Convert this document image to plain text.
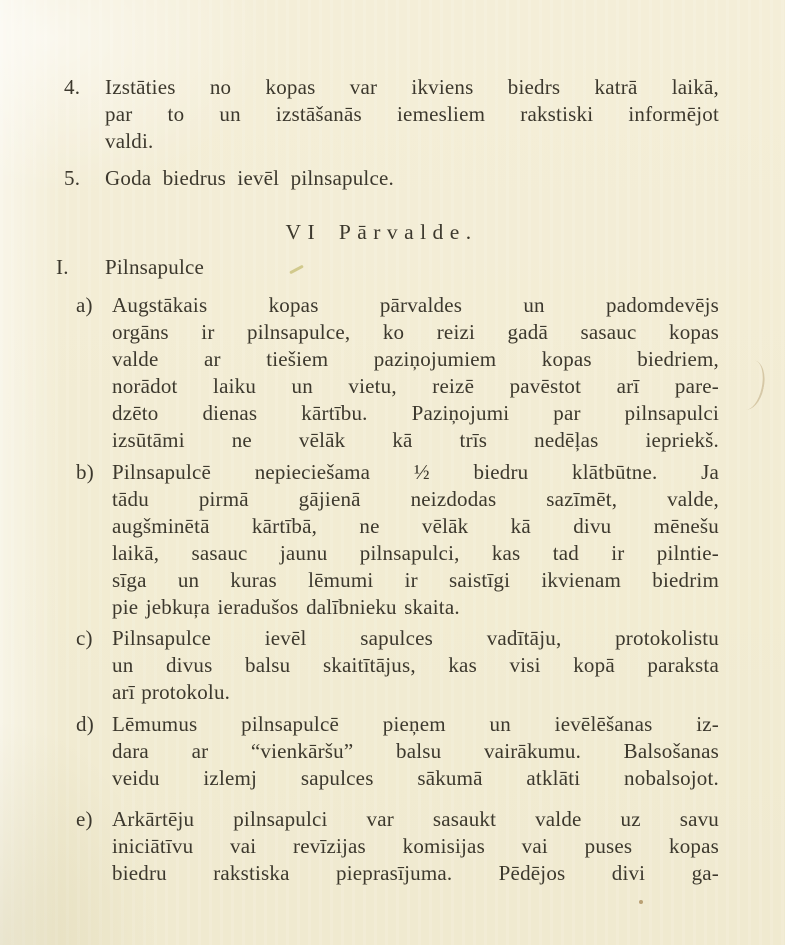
4.	Izstāties no kopas var ikviens biedrs katrā laikā,
par to un izstāšanās iemesliem rakstiski informējot
valdi.
5.	Goda biedrus ievēl pilnsapulce.
VI Pārvalde.
I.	Pilnsapulce
a) Augstākais kopas pārvaldes un padomdevējs
orgāns ir pilnsapulce, ko reizi gadā sasauc kopas
valde ar tiešiem paziņojumiem kopas biedriem,
norādot laiku un vietu, reizē pavēstot arī pare-
dzēto dienas kārtību. Paziņojumi par pilnsapulci
izsūtāmi ne vēlāk kā trīs nedēļas iepriekš.
b) Pilnsapulcē nepieciešama ½ biedru klātbūtne. Ja
tādu pirmā gājienā neizdodas sazīmēt, valde,
augšminētā kārtībā, ne vēlāk kā divu mēnešu
laikā, sasauc jaunu pilnsapulci, kas tad ir pilntie-
sīga un kuras lēmumi ir saistīgi ikvienam biedrim
pie jebkuŗa ieradušos dalībnieku skaita.
c) Pilnsapulce ievēl sapulces vadītāju, protokolistu
un divus balsu skaitītājus, kas visi kopā paraksta
arī protokolu.
d) Lēmumus pilnsapulcē pieņem un ievēlēšanas iz-
dara ar “vienkāršu” balsu vairākumu. Balsošanas
veidu izlemj sapulces sākumā atklāti nobalsojot.
e) Arkārtēju pilnsapulci var sasaukt valde uz savu
iniciātīvu vai revīzijas komisijas vai puses kopas
biedru rakstiska pieprasījuma. Pēdējos divi ga-
